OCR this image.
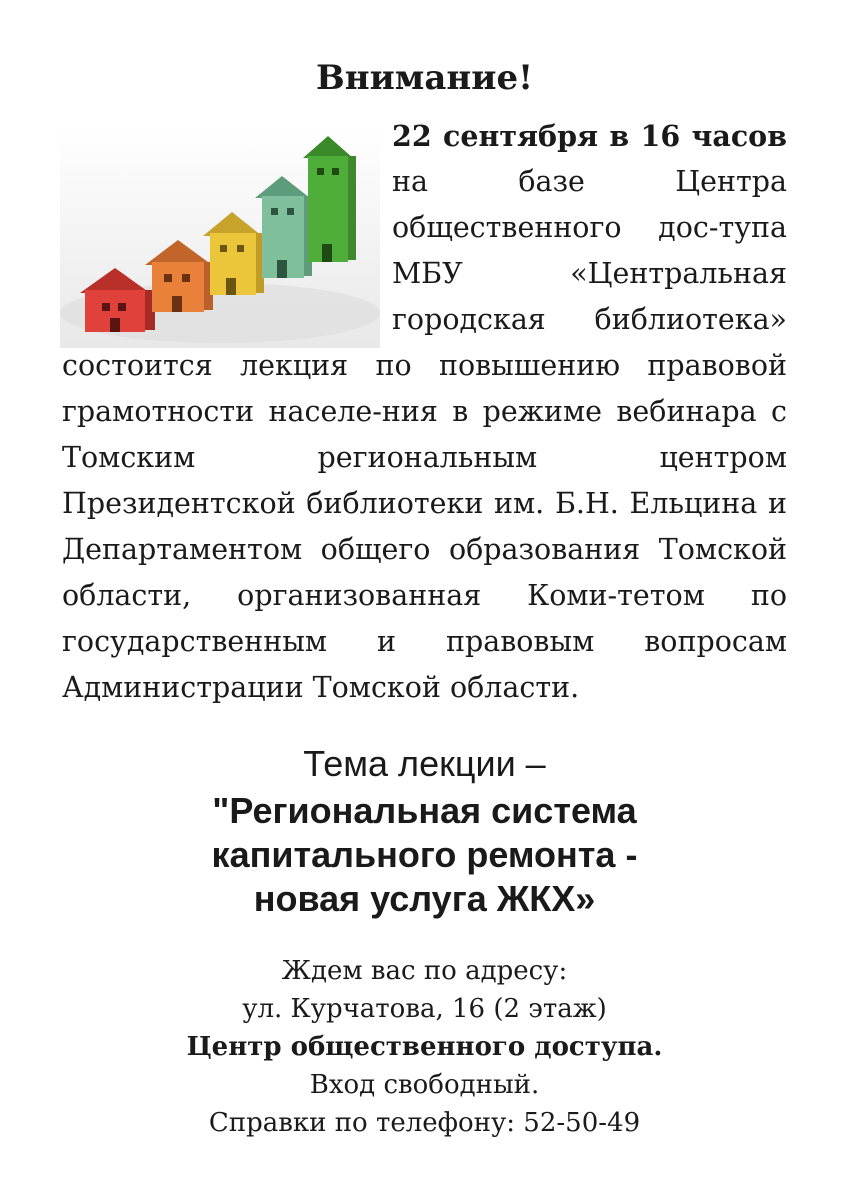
Внимание!
22 сентября в 16 часов
на базе Центра
общественного дос-тупа
МБУ «Центральная
городская библиотека»
состоится лекция по повышению правовой
грамотности населе-ния в режиме вебинара с
Томским региональным центром
Президентской библиотеки им. Б.Н. Ельцина и
Департаментом общего образования Томской
области, организованная Коми-тетом по
государственным и правовым вопросам
Администрации Томской области.
Тема лекции –
"Региональная система
капитального ремонта -
новая услуга ЖКХ»
Ждем вас по адресу:
ул. Курчатова, 16 (2 этаж)
Центр общественного доступа.
Вход свободный.
Справки по телефону: 52-50-49
